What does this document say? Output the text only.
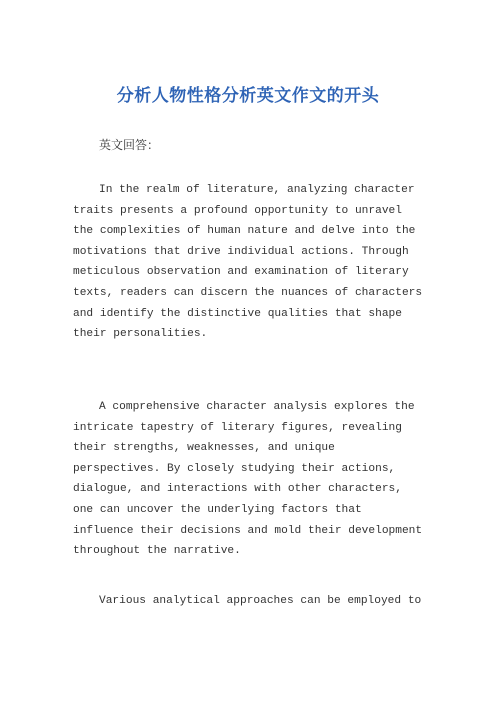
分析人物性格分析英文作文的开头
英文回答：

In the realm of literature, analyzing character traits presents a profound opportunity to unravel the complexities of human nature and delve into the motivations that drive individual actions. Through meticulous observation and examination of literary texts, readers can discern the nuances of characters and identify the distinctive qualities that shape their personalities.

A comprehensive character analysis explores the intricate tapestry of literary figures, revealing their strengths, weaknesses, and unique perspectives. By closely studying their actions, dialogue, and interactions with other characters, one can uncover the underlying factors that influence their decisions and mold their development throughout the narrative.

Various analytical approaches can be employed to
